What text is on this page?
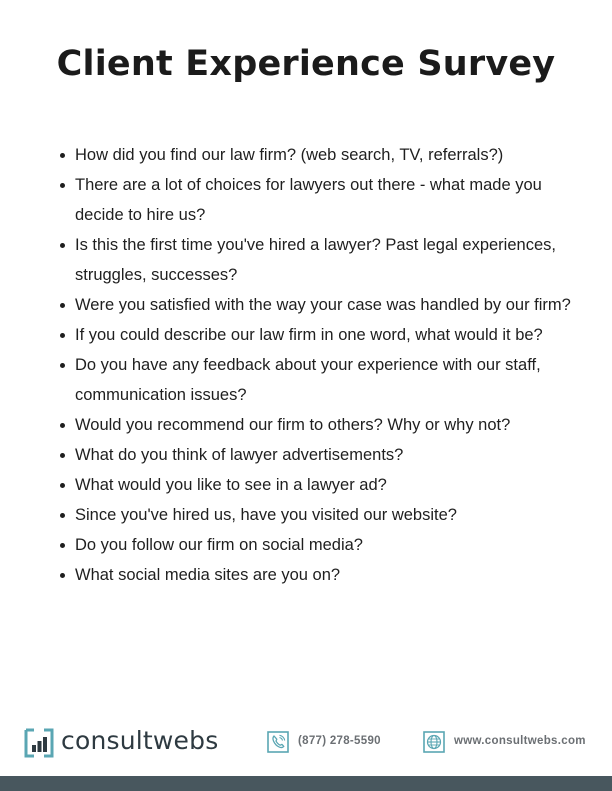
Client Experience Survey
How did you find our law firm? (web search, TV, referrals?)
There are a lot of choices for lawyers out there - what made you decide to hire us?
Is this the first time you've hired a lawyer? Past legal experiences, struggles, successes?
Were you satisfied with the way your case was handled by our firm?
If you could describe our law firm in one word, what would it be?
Do you have any feedback about your experience with our staff, communication issues?
Would you recommend our firm to others? Why or why not?
What do you think of lawyer advertisements?
What would you like to see in a lawyer ad?
Since you've hired us, have you visited our website?
Do you follow our firm on social media?
What social media sites are you on?
consultwebs	(877) 278-5590	www.consultwebs.com
